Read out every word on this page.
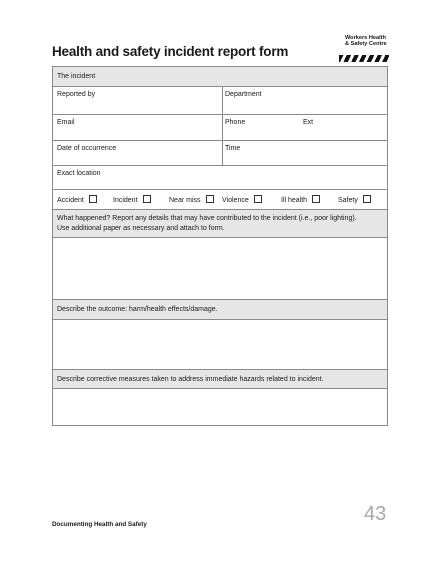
Health and safety incident report form
Workers Health
& Safety Centre
The incident
Reported by	Department
Email	Phone	Ext
Date of occurrence	Time
Exact location
Accident	Incident	Near miss	Violence	Ill health	Safety
What happened? Report any details that may have contributed to the incident (i.e., poor lighting).
Use additional paper as necessary and attach to form.
Describe the outcome: harm/health effects/damage.
Describe corrective measures taken to address immediate hazards related to incident.
Documenting Health and Safety	43
